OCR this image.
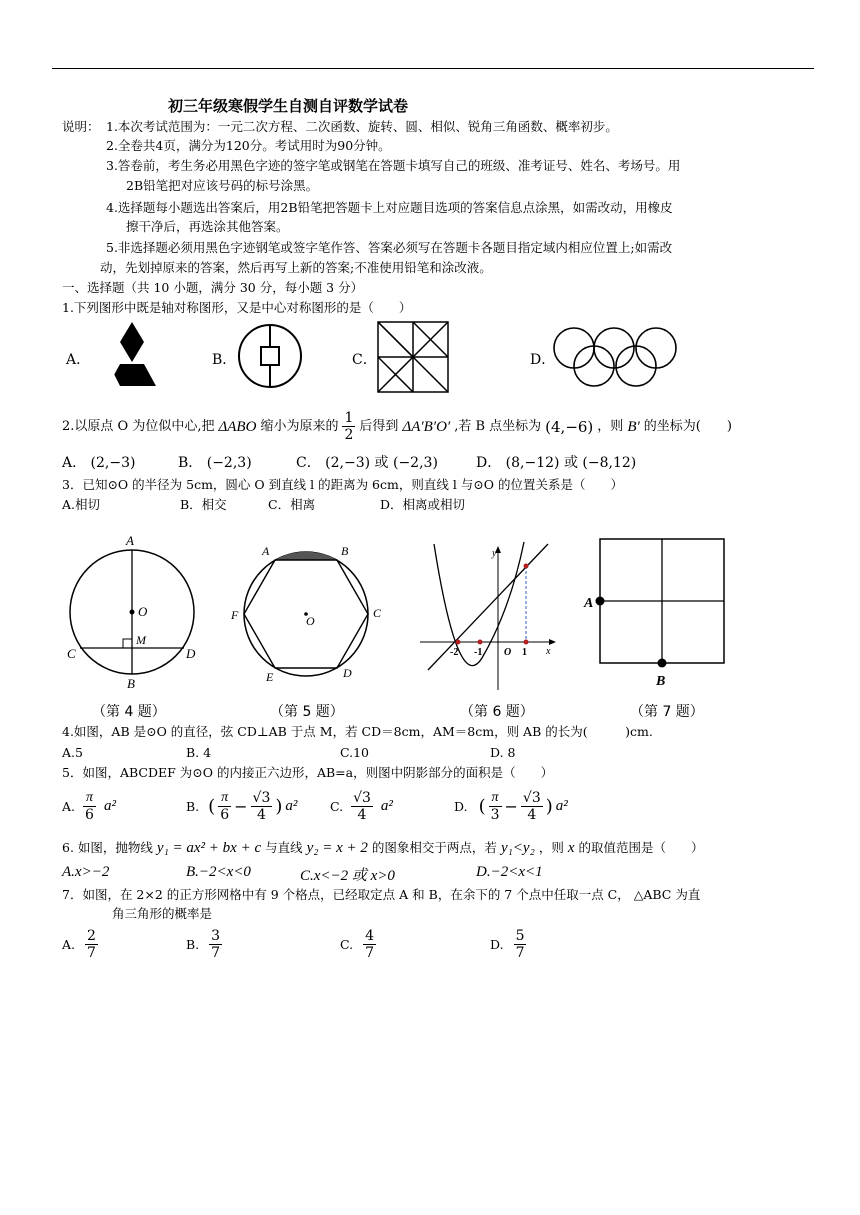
初三年级寒假学生自测自评数学试卷
说明： 1.本次考试范围为：一元二次方程、二次函数、旋转、圆、相似、锐角三角函数、概率初步。
2.全卷共4页，满分为120分。考试用时为90分钟。
3.答卷前，考生务必用黑色字迹的签字笔或钢笔在答题卡填写自己的班级、准考证号、姓名、考场号。用
2B铅笔把对应该号码的标号涂黑。
4.选择题每小题选出答案后，用2B铅笔把答题卡上对应题目选项的答案信息点涂黑，如需改动，用橡皮
擦干净后，再选涂其他答案。
5.非选择题必须用黑色字迹钢笔或签字笔作答、答案必须写在答题卡各题目指定域内相应位置上;如需改
动，先划掉原来的答案，然后再写上新的答案;不准使用铅笔和涂改液。
一、选择题（共 10 小题，满分 30 分，每小题 3 分）
1.下列图形中既是轴对称图形，又是中心对称图形的是（　　）
A．	B．	C．	D．
2.以原点 O 为位似中心,把 ΔABO 缩小为原来的 $\frac{1}{2}$ 后得到 ΔA′B′O′ ,若 B 点坐标为 (4,−6) ，则 B′ 的坐标为(　　)
A． (2,−3)	B． (−2,3)	C． (2,−3) 或 (−2,3)	D． (8,−12) 或 (−8,12)
3．已知⊙O 的半径为 5cm，圆心 O 到直线 l 的距离为 6cm，则直线 l 与⊙O 的位置关系是（　　）
A.相切	B．相交	C．相离	D．相离或相切
A
O
M
C	D
B
A	B
C
D
E
F	O
y
x
-2 -1 O 1
A
B
（第 4 题）	（第 5 题）	（第 6 题）	（第 7 题）
4.如图，AB 是⊙O 的直径，弦 CD⊥AB 于点 M，若 CD＝8cm，AM＝8cm，则 AB 的长为(　　　)cm.
A.5	B. 4	C.10	D. 8
5．如图，ABCDEF 为⊙O 的内接正六边形，AB=a，则图中阴影部分的面积是（　　）
A. $\frac{\pi}{6} a^2$	B. ( $\frac{\pi}{6} - \frac{√3}{4}$ ) a²	C. $\frac{√3}{4} a^2$	D. ( $\frac{\pi}{3} - \frac{√3}{4}$ ) a²
6. 如图，抛物线 y₁ = ax² + bx + c 与直线 y₂ = x + 2 的图象相交于两点，若 y₁<y₂ ，则 x 的取值范围是（　　）
A.x>−2	B.−2<x<0	C.x<−2 或 x>0	D.−2<x<1
7．如图，在 2×2 的正方形网格中有 9 个格点，已经取定点 A 和 B，在余下的 7 个点中任取一点 C， △ABC 为直
角三角形的概率是
A. $\frac{2}{7}$	B. $\frac{3}{7}$	C. $\frac{4}{7}$	D. $\frac{5}{7}$
